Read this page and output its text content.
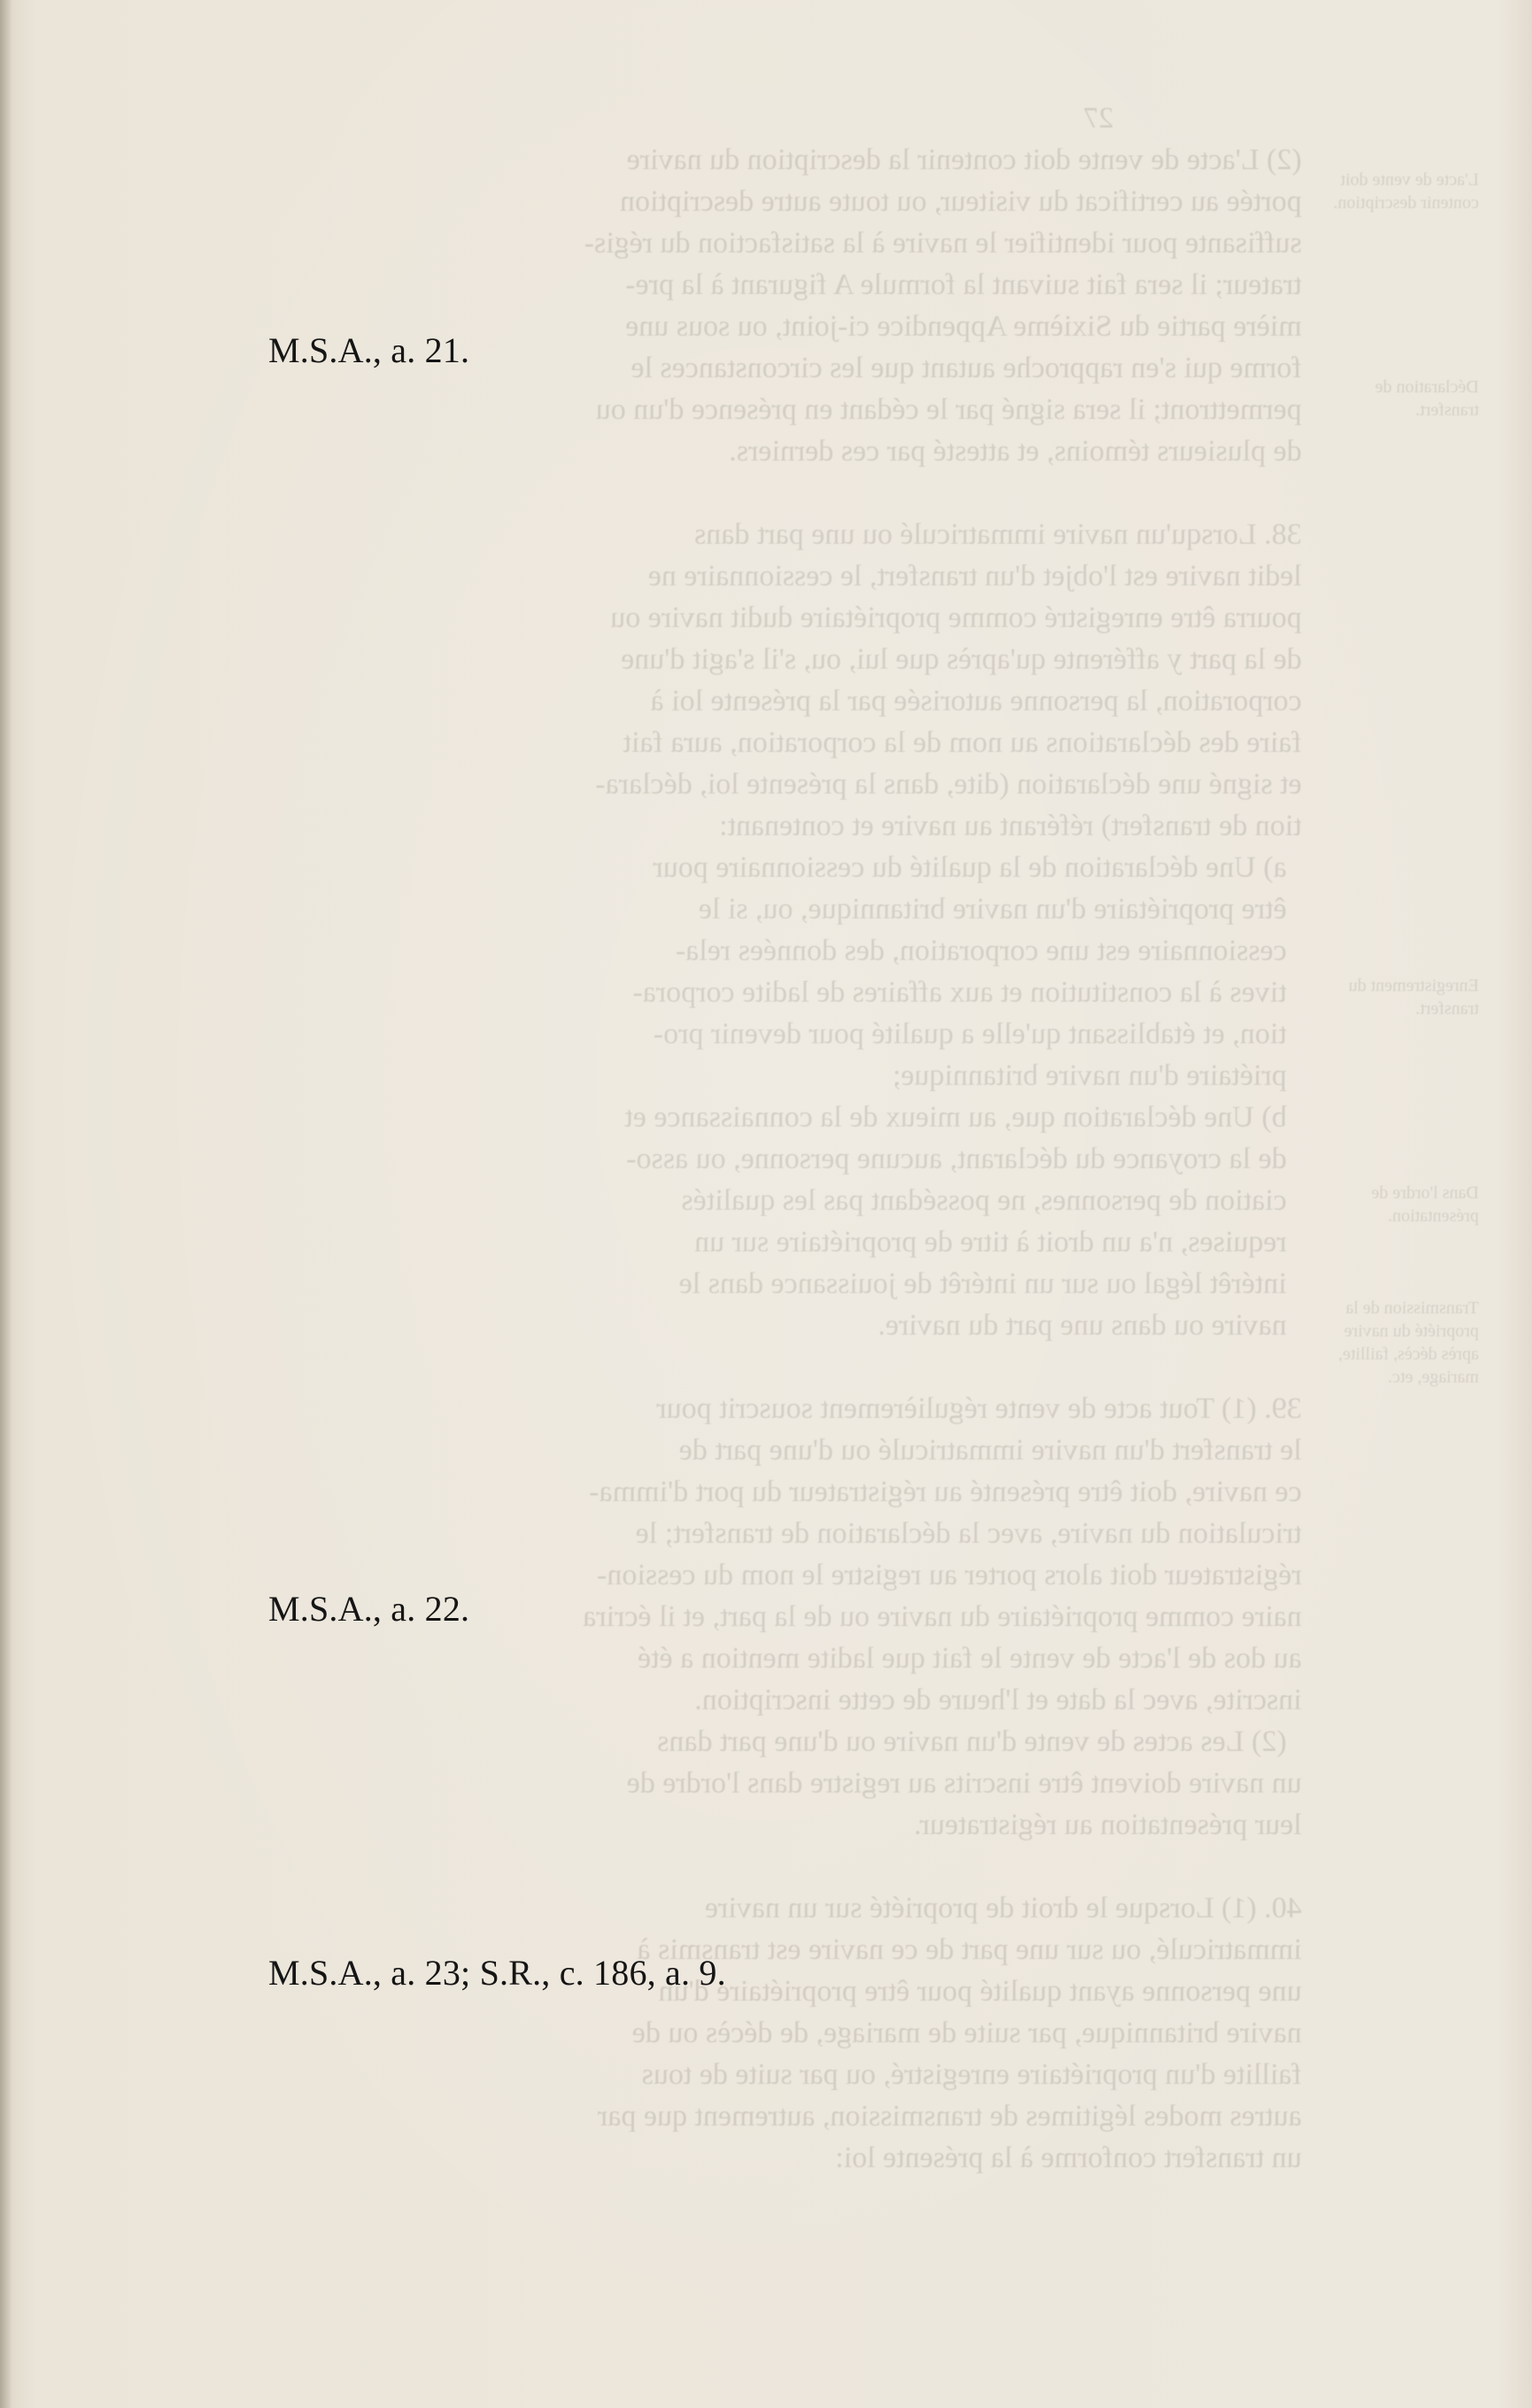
27
(2) L'acte de vente doit contenir la description du navire
portée au certificat du visiteur, ou toute autre description
suffisante pour identifier le navire à la satisfaction du régis-
trateur; il sera fait suivant la formule A figurant à la pre-
mière partie du Sixième Appendice ci-joint, ou sous une
forme qui s'en rapproche autant que les circonstances le
permettront; il sera signé par le cédant en présence d'un ou
de plusieurs témoins, et attesté par ces derniers.

38. Lorsqu'un navire immatriculé ou une part dans
ledit navire est l'objet d'un transfert, le cessionnaire ne
pourra être enregistré comme propriétaire dudit navire ou
de la part y afférente qu'après que lui, ou, s'il s'agit d'une
corporation, la personne autorisée par la présente loi à
faire des déclarations au nom de la corporation, aura fait
et signé une déclaration (dite, dans la présente loi, déclara-
tion de transfert) référant au navire et contenant:
a) Une déclaration de la qualité du cessionnaire pour
être propriétaire d'un navire britannique, ou, si le
cessionnaire est une corporation, des données rela-
tives à la constitution et aux affaires de ladite corpora-
tion, et établissant qu'elle a qualité pour devenir pro-
priétaire d'un navire britannique;
b) Une déclaration que, au mieux de la connaissance et
de la croyance du déclarant, aucune personne, ou asso-
ciation de personnes, ne possédant pas les qualités
requises, n'a un droit à titre de propriétaire sur un
intérêt légal ou sur un intérêt de jouissance dans le
navire ou dans une part du navire.

39. (1) Tout acte de vente régulièrement souscrit pour
le transfert d'un navire immatriculé ou d'une part de
ce navire, doit être présenté au régistrateur du port d'imma-
triculation du navire, avec la déclaration de transfert; le
régistrateur doit alors porter au registre le nom du cession-
naire comme propriétaire du navire ou de la part, et il écrira
au dos de l'acte de vente le fait que ladite mention a été
inscrite, avec la date et l'heure de cette inscription.
(2) Les actes de vente d'un navire ou d'une part dans
un navire doivent être inscrits au registre dans l'ordre de
leur présentation au régistrateur.

40. (1) Lorsque le droit de propriété sur un navire
immatriculé, ou sur une part de ce navire est transmis à
une personne ayant qualité pour être propriétaire d'un
navire britannique, par suite de mariage, de décès ou de
faillite d'un propriétaire enregistré, ou par suite de tous
autres modes légitimes de transmission, autrement que par
un transfert conforme à la présente loi:
L'acte de vente doit contenir description.

Déclaration de transfert.

Enregistrement du transfert.

Dans l'ordre de présentation.

Transmission de la propriété du navire après décès, faillite, mariage, etc.
M.S.A., a. 21.
M.S.A., a. 22.
M.S.A., a. 23; S.R., c. 186, a. 9.
